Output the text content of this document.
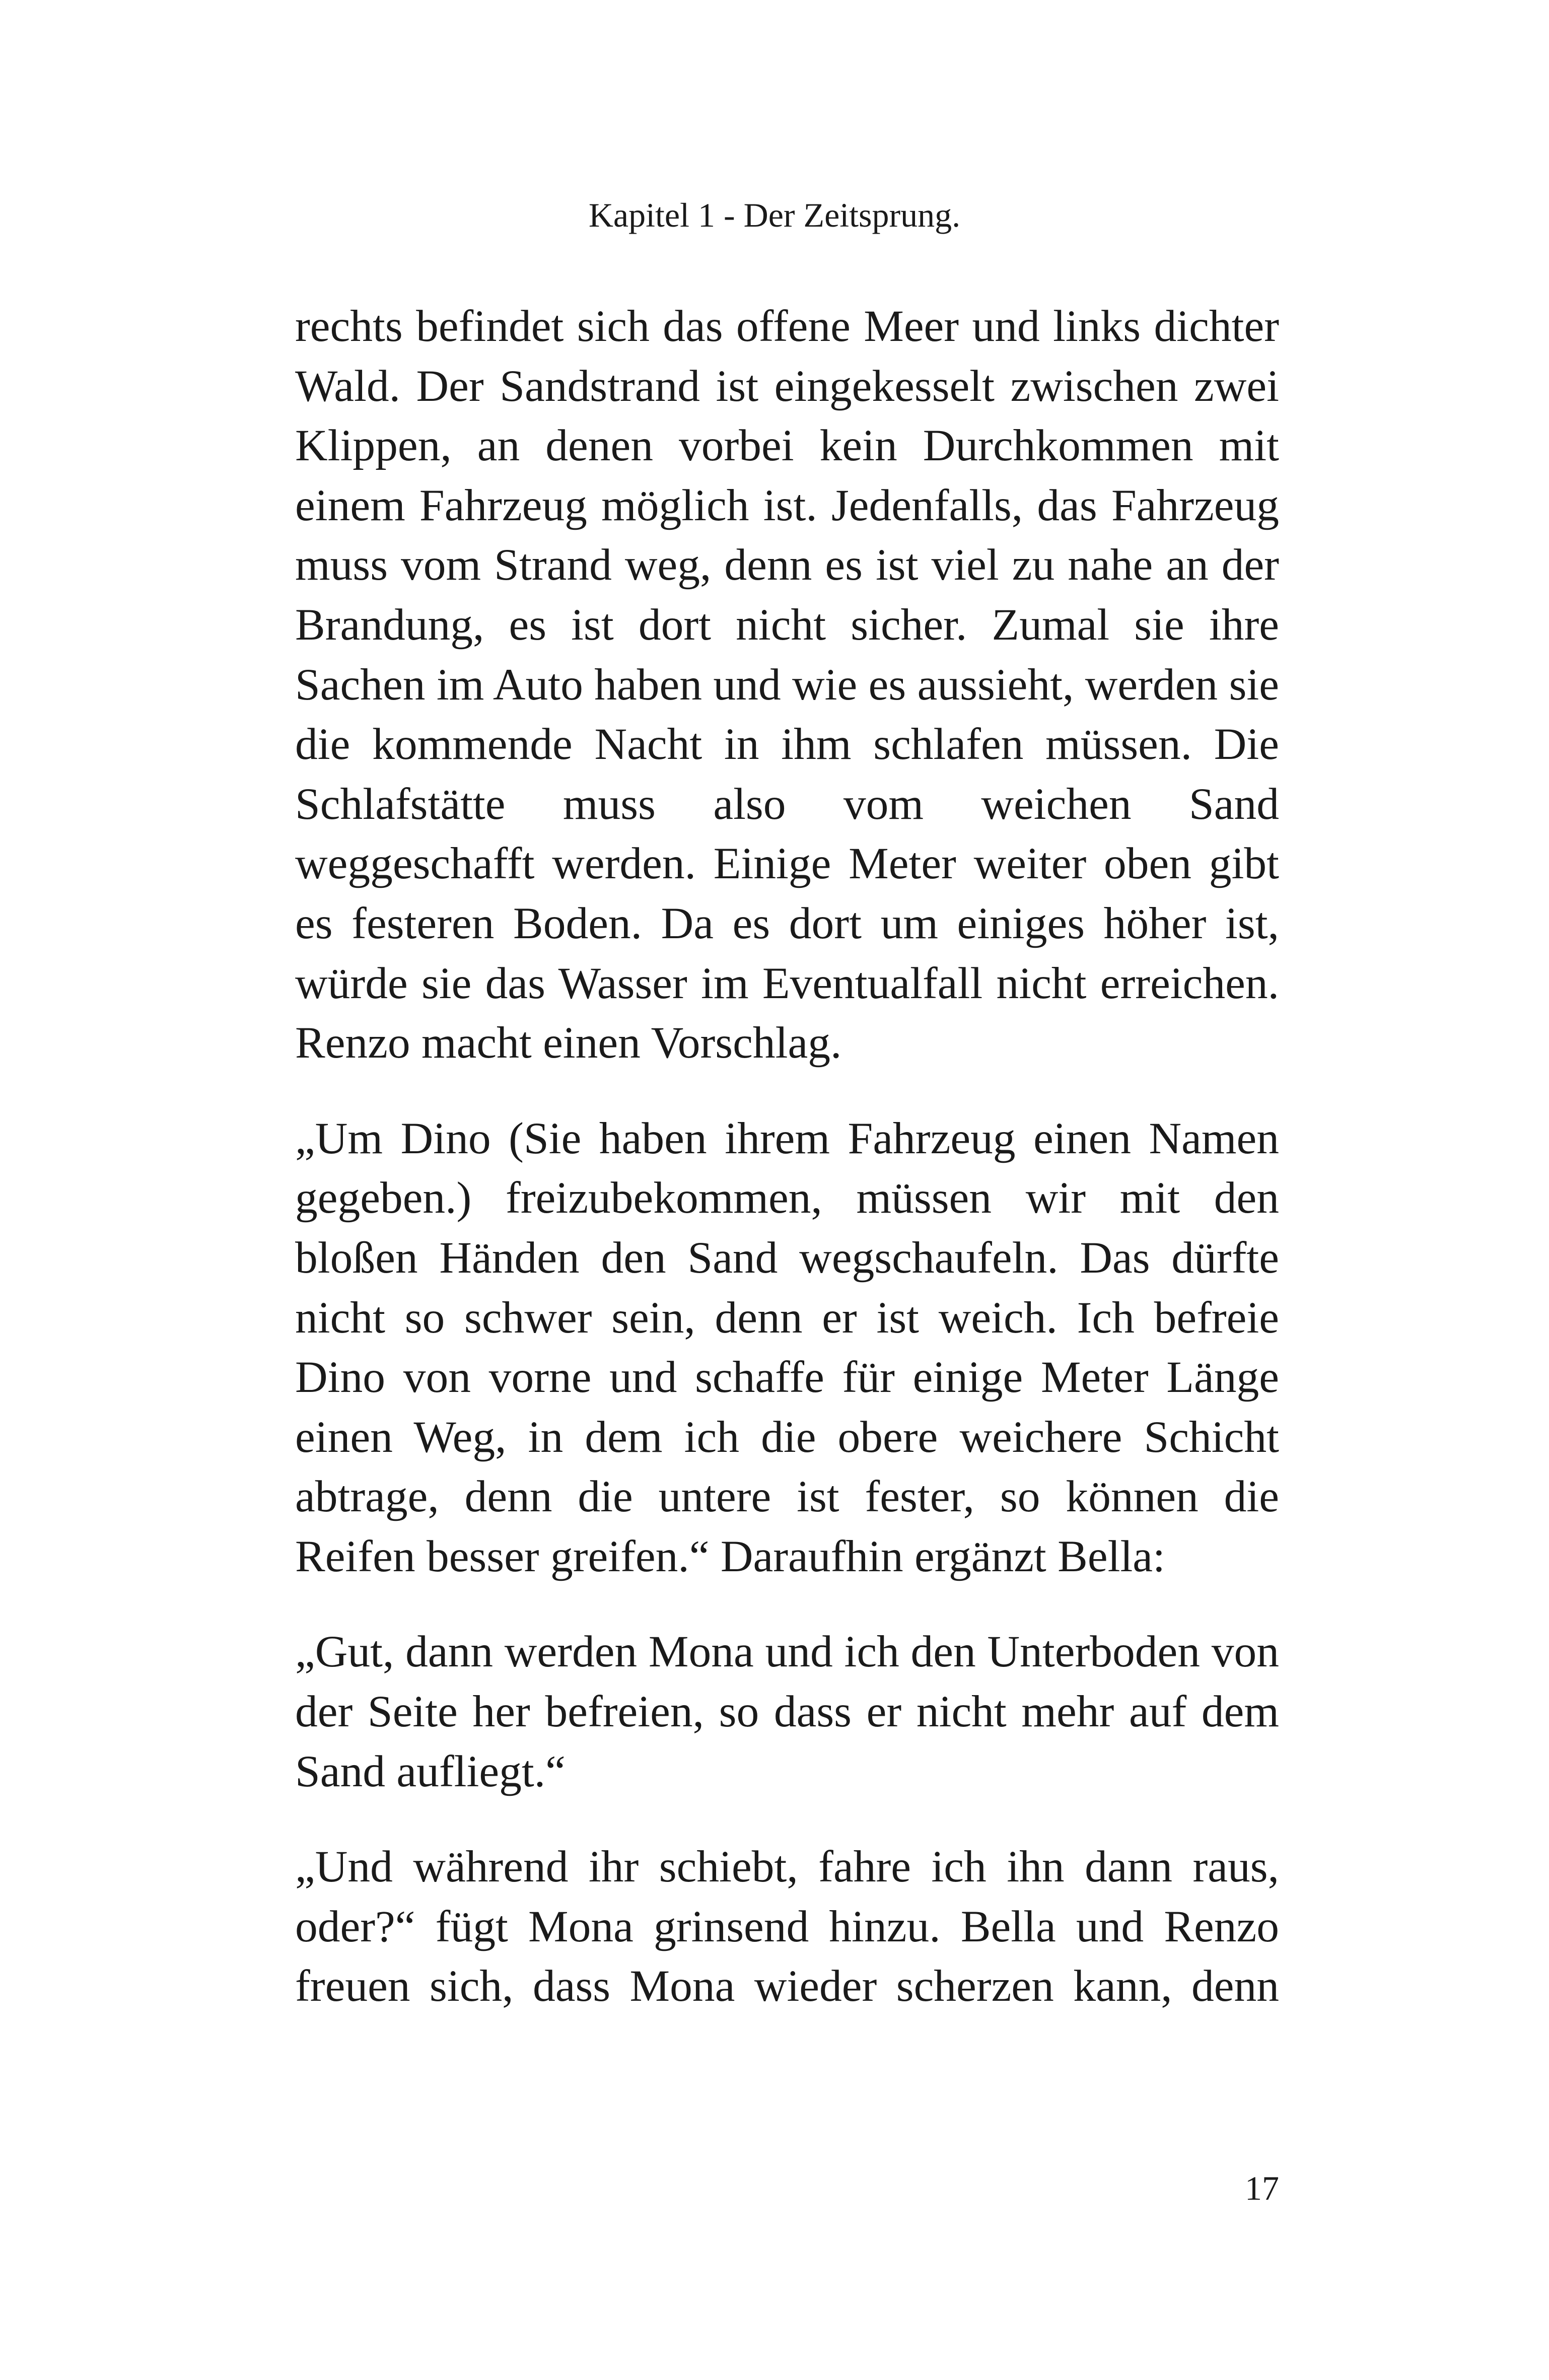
Kapitel 1 - Der Zeitsprung.

rechts befindet sich das offene Meer und links dichter Wald. Der Sandstrand ist eingekesselt zwischen zwei Klippen, an denen vorbei kein Durchkommen mit einem Fahrzeug möglich ist. Jedenfalls, das Fahrzeug muss vom Strand weg, denn es ist viel zu nahe an der Brandung, es ist dort nicht sicher. Zumal sie ihre Sachen im Auto haben und wie es aussieht, werden sie die kommende Nacht in ihm schlafen müssen. Die Schlafstätte muss also vom weichen Sand weggeschafft werden. Einige Meter weiter oben gibt es festeren Boden. Da es dort um einiges höher ist, würde sie das Wasser im Eventualfall nicht erreichen. Renzo macht einen Vorschlag.

„Um Dino (Sie haben ihrem Fahrzeug einen Namen gegeben.) freizubekommen, müssen wir mit den bloßen Händen den Sand wegschaufeln. Das dürfte nicht so schwer sein, denn er ist weich. Ich befreie Dino von vorne und schaffe für einige Meter Länge einen Weg, in dem ich die obere weichere Schicht abtrage, denn die untere ist fester, so können die Reifen besser greifen.“ Daraufhin ergänzt Bella:

„Gut, dann werden Mona und ich den Unterboden von der Seite her befreien, so dass er nicht mehr auf dem Sand aufliegt.“

„Und während ihr schiebt, fahre ich ihn dann raus, oder?“ fügt Mona grinsend hinzu. Bella und Renzo freuen sich, dass Mona wieder scherzen kann, denn

17
